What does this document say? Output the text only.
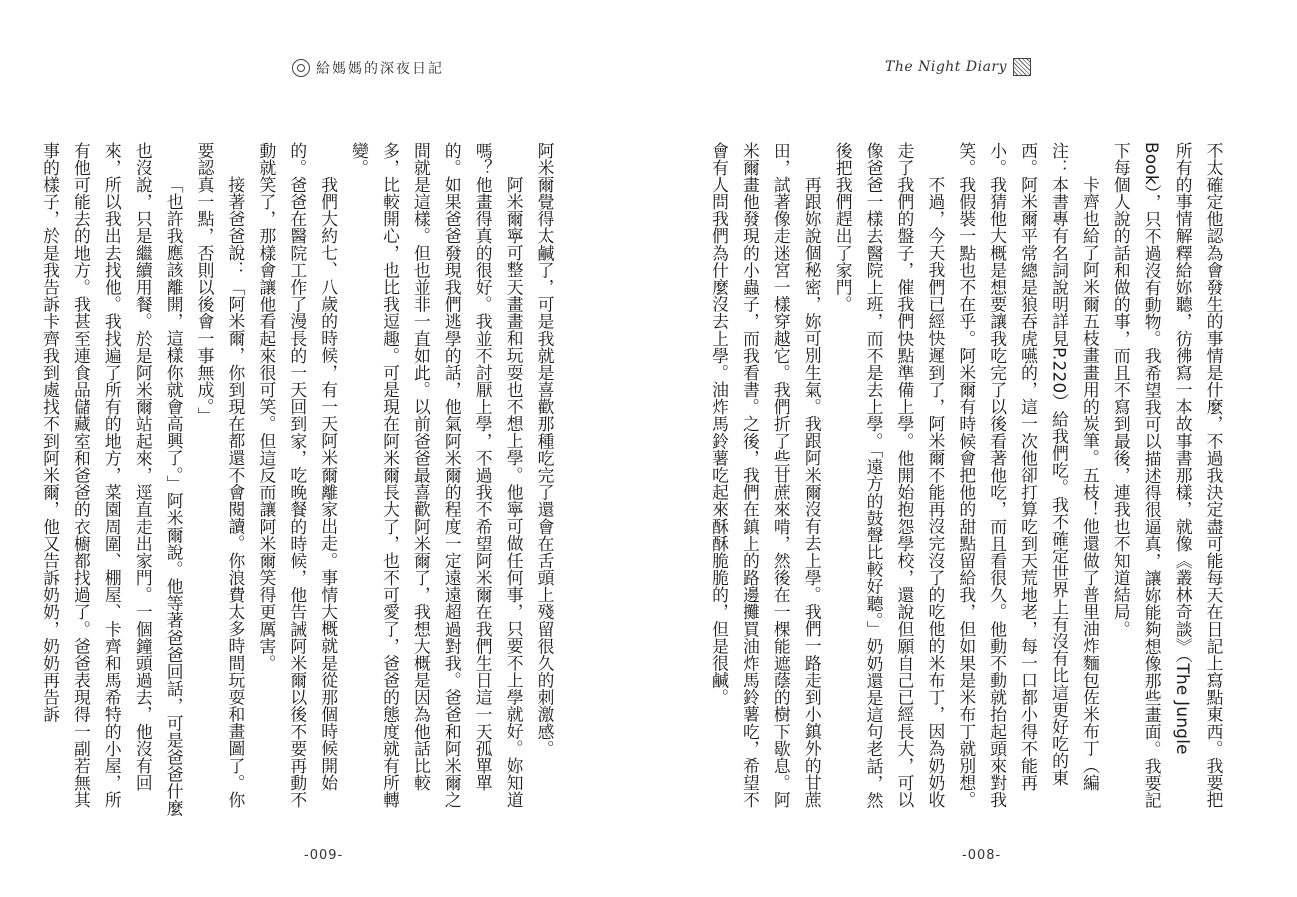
給媽媽的深夜日記

阿米爾覺得太鹹了，可是我就是喜歡那種吃完了還會在舌頭上殘留很久的刺激感。

阿米爾寧可整天畫畫和玩耍也不想上學。他寧可做任何事，只要不上學就好。妳知道嗎？他畫得真的很好。我並不討厭上學，不過我不希望阿米爾在我們生日這一天孤單單的。如果爸爸發現我們逃學的話，他氣阿米爾的程度一定遠遠超過對我。爸爸和阿米爾之間就是這樣。但也並非一直如此。以前爸爸最喜歡阿米爾了，我想大概是因為他話比較多，比較開心，也比我逗趣。可是現在阿米爾長大了，也不可愛了，爸爸的態度就有所轉變。

我們大約七、八歲的時候，有一天阿米爾離家出走。事情大概就是從那個時候開始的。爸爸在醫院工作了漫長的一天回到家，吃晚餐的時候，他告誡阿米爾以後不要再動不動就笑了，那樣會讓他看起來很可笑。但這反而讓阿米爾笑得更厲害。

接著爸爸說：「阿米爾，你到現在都還不會閱讀。你浪費太多時間玩耍和畫圖了。你要認真一點，否則以後會一事無成。」

「也許我應該離開，這樣你就會高興了。」阿米爾說。他等著爸爸回話，可是爸爸什麼也沒說，只是繼續用餐。於是阿米爾站起來，逕直走出家門。一個鐘頭過去，他沒有回來，所以我出去找他。我找遍了所有的地方，菜園周圍、棚屋、卡齊和馬希特的小屋，所有他可能去的地方。我甚至連食品儲藏室和爸爸的衣櫥都找過了。爸爸表現得一副若無其事的樣子，於是我告訴卡齊我到處找不到阿米爾，他又告訴奶奶，奶奶再告訴

-009-
The Night Diary

不太確定他認為會發生的事情是什麼，不過我決定盡可能每天在日記上寫點東西。我要把所有的事情解釋給妳聽，彷彿寫一本故事書那樣，就像《叢林奇談》（The Jungle Book），只不過沒有動物。我希望我可以描述得很逼真，讓妳能夠想像那些畫面。我要記下每個人說的話和做的事，而且不寫到最後，連我也不知道結局。

卡齊也給了阿米爾五枝畫畫用的炭筆。五枝！他還做了普里油炸麵包佐米布丁（編注：本書專有名詞說明詳見P.220）給我們吃。我不確定世界上有沒有比這更好吃的東西。阿米爾平常總是狼吞虎嚥的，這一次他卻打算吃到天荒地老，每一口都小得不能再小。我猜他大概是想要讓我吃完了以後看著他吃，而且看很久。他動不動就抬起頭來對我笑。我假裝一點也不在乎。阿米爾有時候會把他的甜點留給我，但如果是米布丁就別想。

不過，今天我們已經快遲到了，阿米爾不能再沒完沒了的吃他的米布丁，因為奶奶收走了我們的盤子，催我們快點準備上學。他開始抱怨學校，還說但願自己已經長大，可以像爸爸一樣去醫院上班，而不是去上學。「遠方的鼓聲比較好聽。」奶奶還是這句老話，然後把我們趕出了家門。

再跟妳說個秘密，妳可別生氣。我跟阿米爾沒有去上學。我們一路走到小鎮外的甘蔗田，試著像走迷宮一樣穿越它。我們折了些甘蔗來啃，然後在一棵能遮蔭的樹下歇息。阿米爾畫他發現的小蟲子，而我看書。之後，我們在鎮上的路邊攤買油炸馬鈴薯吃，希望不會有人問我們為什麼沒去上學。油炸馬鈴薯吃起來酥酥脆脆的，但是很鹹。

-008-
